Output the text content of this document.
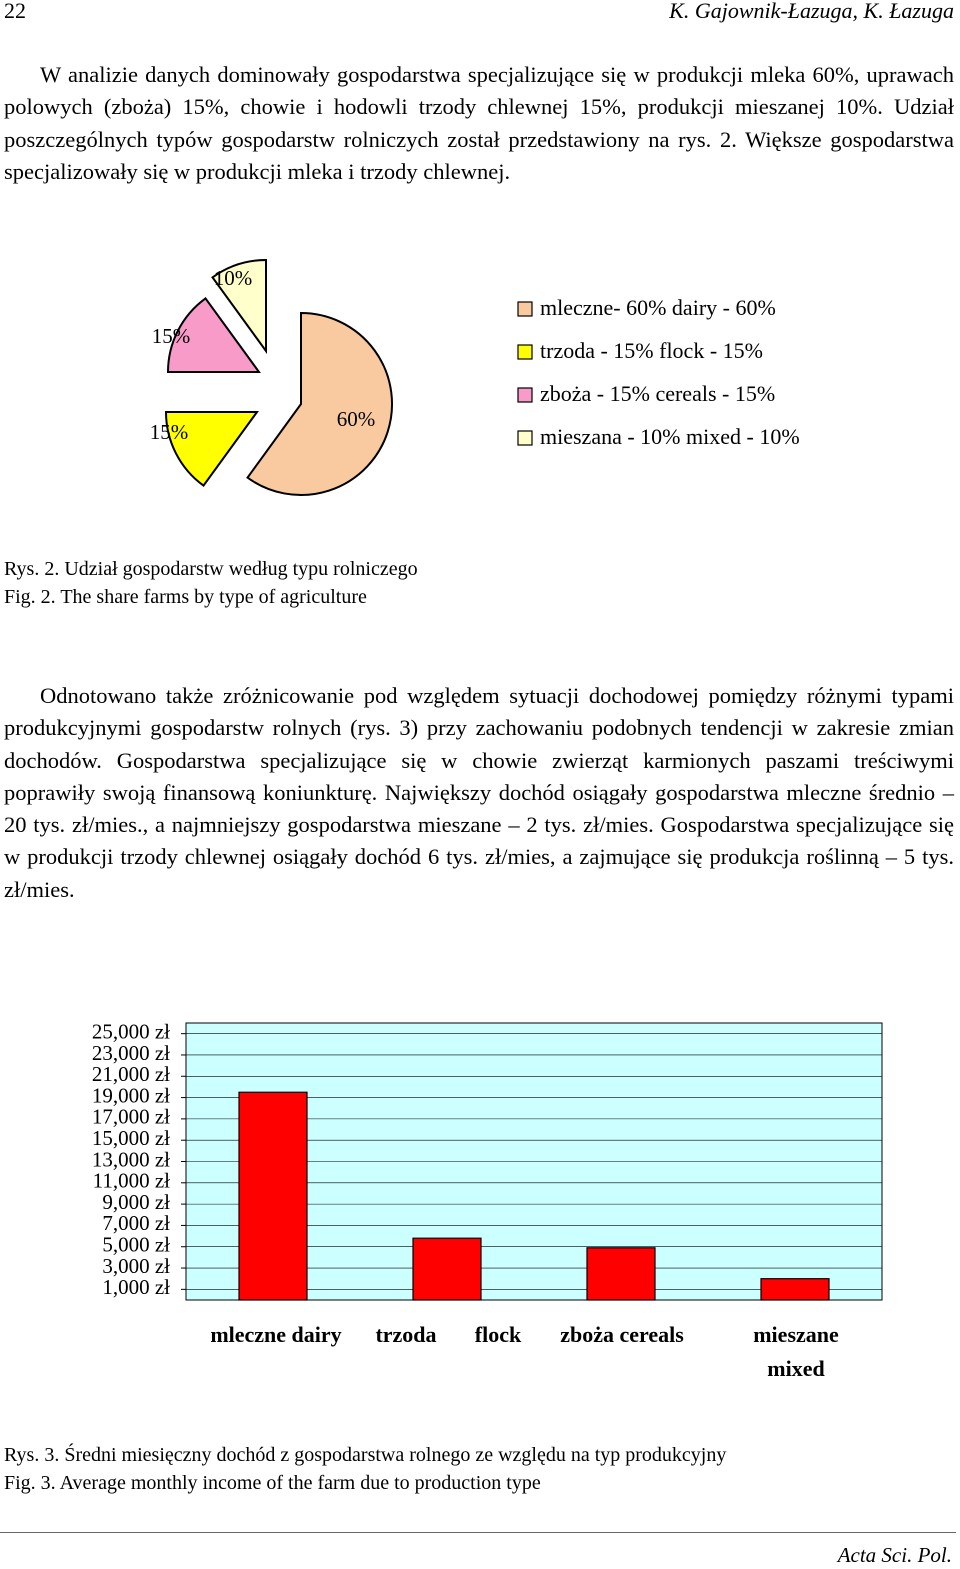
22	K. Gajownik-Łazuga, K. Łazuga

W analizie danych dominowały gospodarstwa specjalizujące się w produkcji mleka 60%, uprawach polowych (zboża) 15%, chowie i hodowli trzody chlewnej 15%, produkcji mieszanej 10%. Udział poszczególnych typów gospodarstw rolniczych został przedstawiony na rys. 2. Większe gospodarstwa specjalizowały się w produkcji mleka i trzody chlewnej.

60%
15%
15%
10%
mleczne- 60% dairy - 60%
trzoda - 15% flock - 15%
zboża - 15% cereals - 15%
mieszana - 10% mixed - 10%
Rys. 2. Udział gospodarstw według typu rolniczego
Fig. 2. The share farms by type of agriculture

Odnotowano także zróżnicowanie pod względem sytuacji dochodowej pomiędzy różnymi typami produkcyjnymi gospodarstw rolnych (rys. 3) przy zachowaniu podobnych tendencji w zakresie zmian dochodów. Gospodarstwa specjalizujące się w chowie zwierząt karmionych paszami treściwymi poprawiły swoją finansową koniunkturę. Największy dochód osiągały gospodarstwa mleczne średnio – 20 tys. zł/mies., a najmniejszy gospodarstwa mieszane – 2 tys. zł/mies. Gospodarstwa specjalizujące się w produkcji trzody chlewnej osiągały dochód 6 tys. zł/mies, a zajmujące się produkcja roślinną – 5 tys. zł/mies.

1,000 zł
3,000 zł
5,000 zł
7,000 zł
9,000 zł
11,000 zł
13,000 zł
15,000 zł
17,000 zł
19,000 zł
21,000 zł
23,000 zł
25,000 zł
mleczne dairy trzoda flock zboża cereals	mieszane
mixed
Rys. 3. Średni miesięczny dochód z gospodarstwa rolnego ze względu na typ produkcyjny
Fig. 3. Average monthly income of the farm due to production type
Acta Sci. Pol.
